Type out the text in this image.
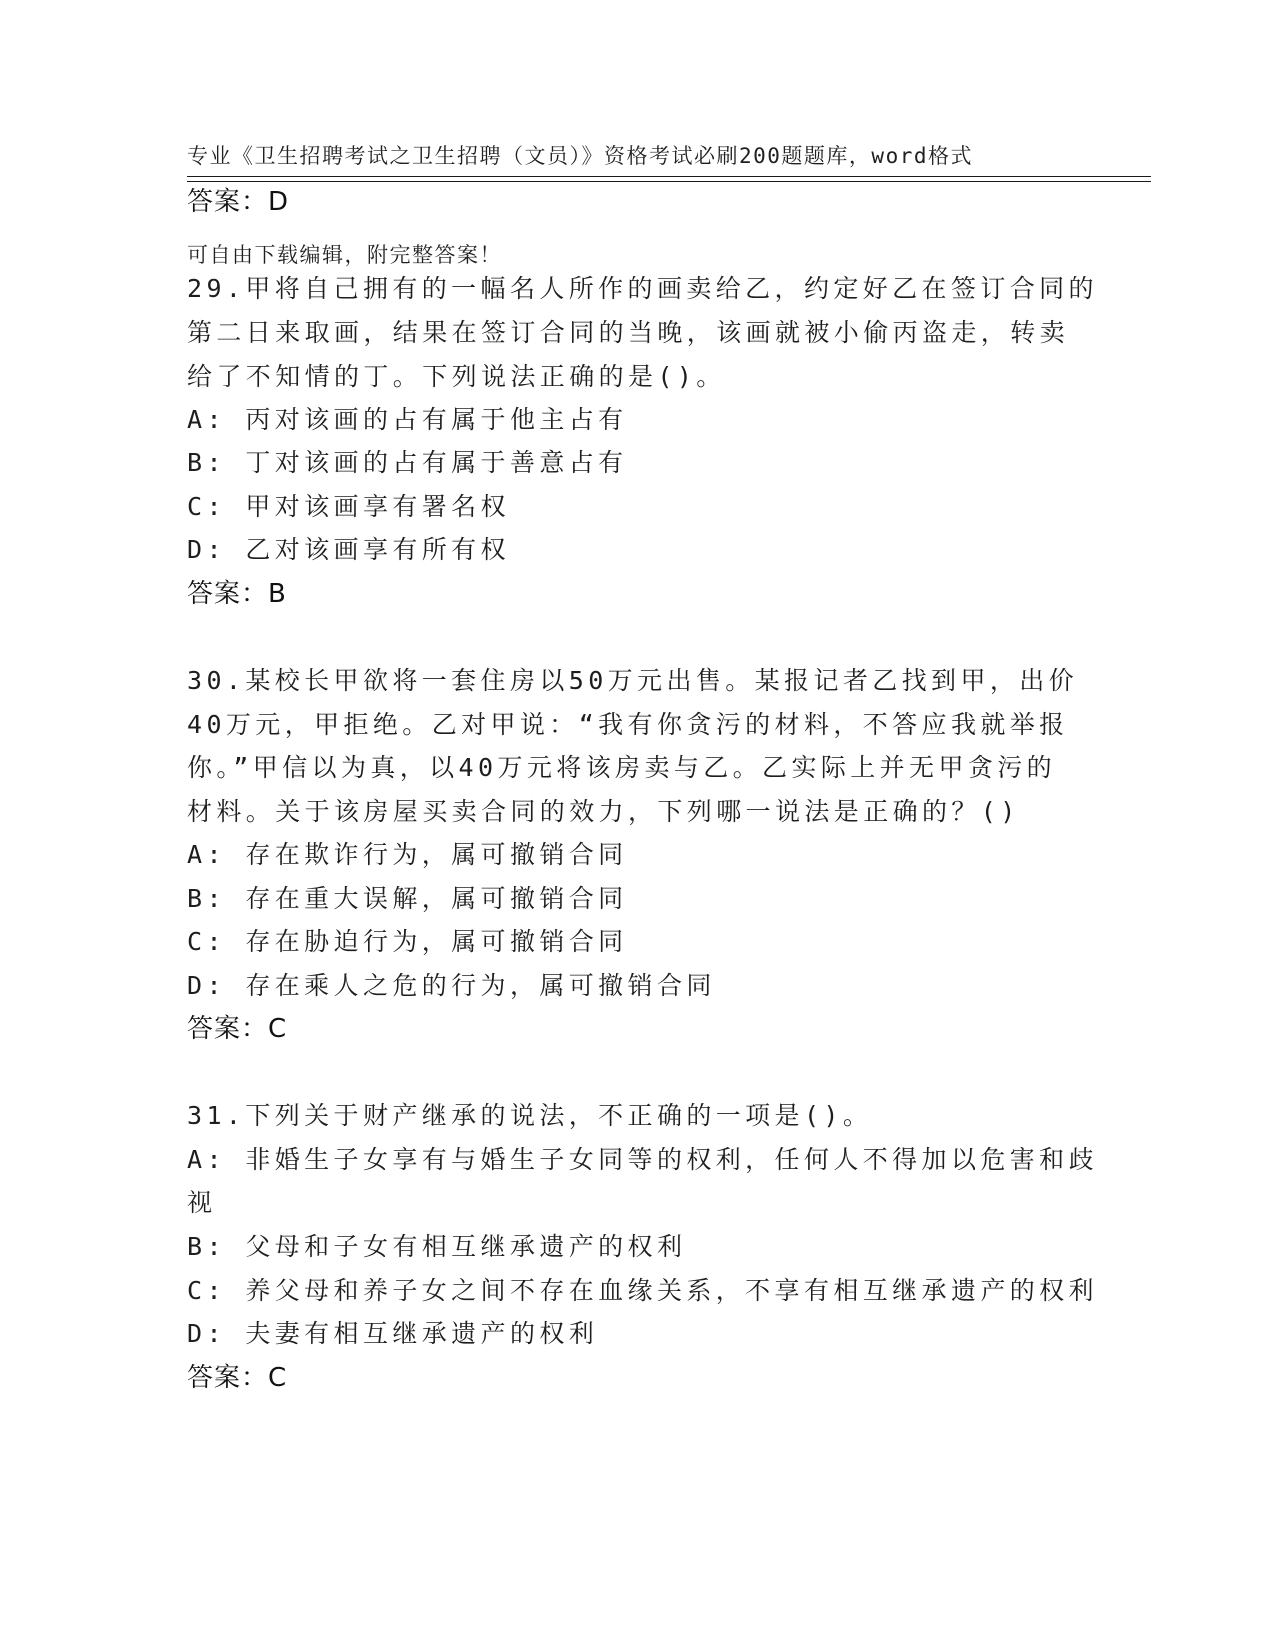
专业《卫生招聘考试之卫生招聘（文员）》资格考试必刷200题题库，word格式

可自由下载编辑，附完整答案！

答案：D
29.甲将自己拥有的一幅名人所作的画卖给乙，约定好乙在签订合同的
第二日来取画，结果在签订合同的当晚，该画就被小偷丙盗走，转卖
给了不知情的丁。下列说法正确的是()。
A: 丙对该画的占有属于他主占有
B: 丁对该画的占有属于善意占有
C: 甲对该画享有署名权
D: 乙对该画享有所有权
答案：B
30.某校长甲欲将一套住房以50万元出售。某报记者乙找到甲，出价
40万元，甲拒绝。乙对甲说：“我有你贪污的材料，不答应我就举报
你。”甲信以为真，以40万元将该房卖与乙。乙实际上并无甲贪污的
材料。关于该房屋买卖合同的效力，下列哪一说法是正确的？()
A: 存在欺诈行为，属可撤销合同
B: 存在重大误解，属可撤销合同
C: 存在胁迫行为，属可撤销合同
D: 存在乘人之危的行为，属可撤销合同
答案：C
31.下列关于财产继承的说法，不正确的一项是()。
A: 非婚生子女享有与婚生子女同等的权利，任何人不得加以危害和歧
视
B: 父母和子女有相互继承遗产的权利
C: 养父母和养子女之间不存在血缘关系，不享有相互继承遗产的权利
D: 夫妻有相互继承遗产的权利
答案：C
